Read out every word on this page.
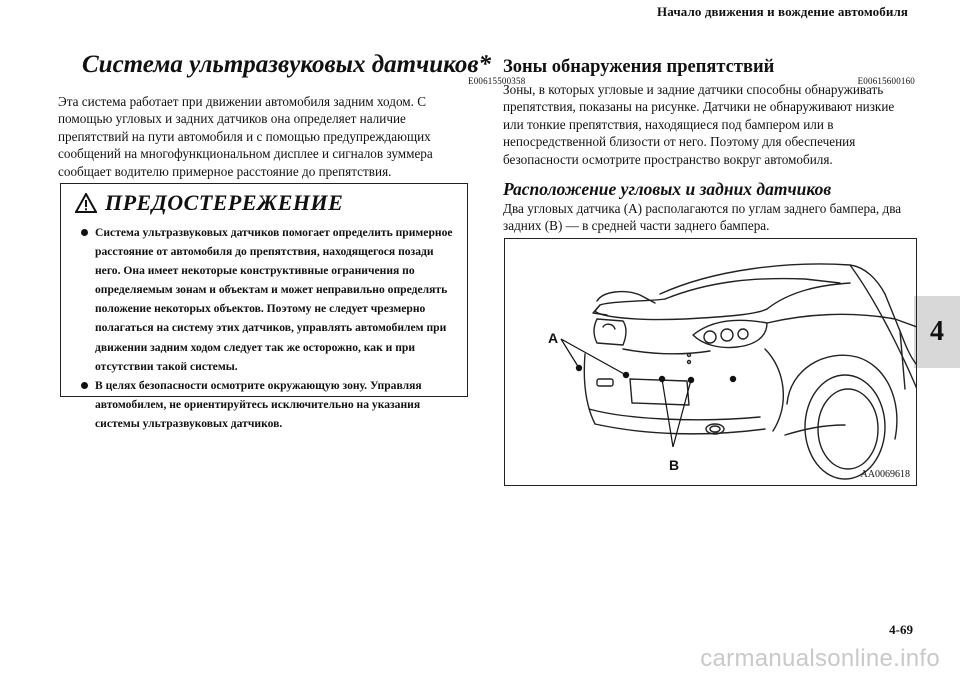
Начало движения и вождение автомобиля
4
Система ультразвуковых датчиков*
E00615500358

Эта система работает при движении автомобиля задним ходом. С помощью угловых и задних датчиков она определяет наличие препятствий на пути автомобиля и с помощью предупреждающих сообщений на многофункциональном дисплее и сигналов зуммера сообщает водителю примерное расстояние до препятствия.

ПРЕДОСТЕРЕЖЕНИЕ
Система ультразвуковых датчиков помогает определить примерное расстояние от автомобиля до препятствия, находящегося позади него. Она имеет некоторые конструктивные ограничения по определяемым зонам и объектам и может неправильно определять положение некоторых объектов. Поэтому не следует чрезмерно полагаться на систему этих датчиков, управлять автомобилем при движении задним ходом следует так же осторожно, как и при отсутствии такой системы.
В целях безопасности осмотрите окружающую зону. Управляя автомобилем, не ориентируйтесь исключительно на указания системы ультразвуковых датчиков.
Зоны обнаружения препятствий
E00615600160

Зоны, в которых угловые и задние датчики способны обнаруживать препятствия, показаны на рисунке. Датчики не обнаруживают низкие или тонкие препятствия, находящиеся под бампером или в непосредственной близости от него. Поэтому для обеспечения безопасности осмотрите пространство вокруг автомобиля.

Расположение угловых и задних датчиков

Два угловых датчика (A) располагаются по углам заднего бампера, два задних (B) — в средней части заднего бампера.

A
B
AA0069618
4-69
carmanualsonline.info
